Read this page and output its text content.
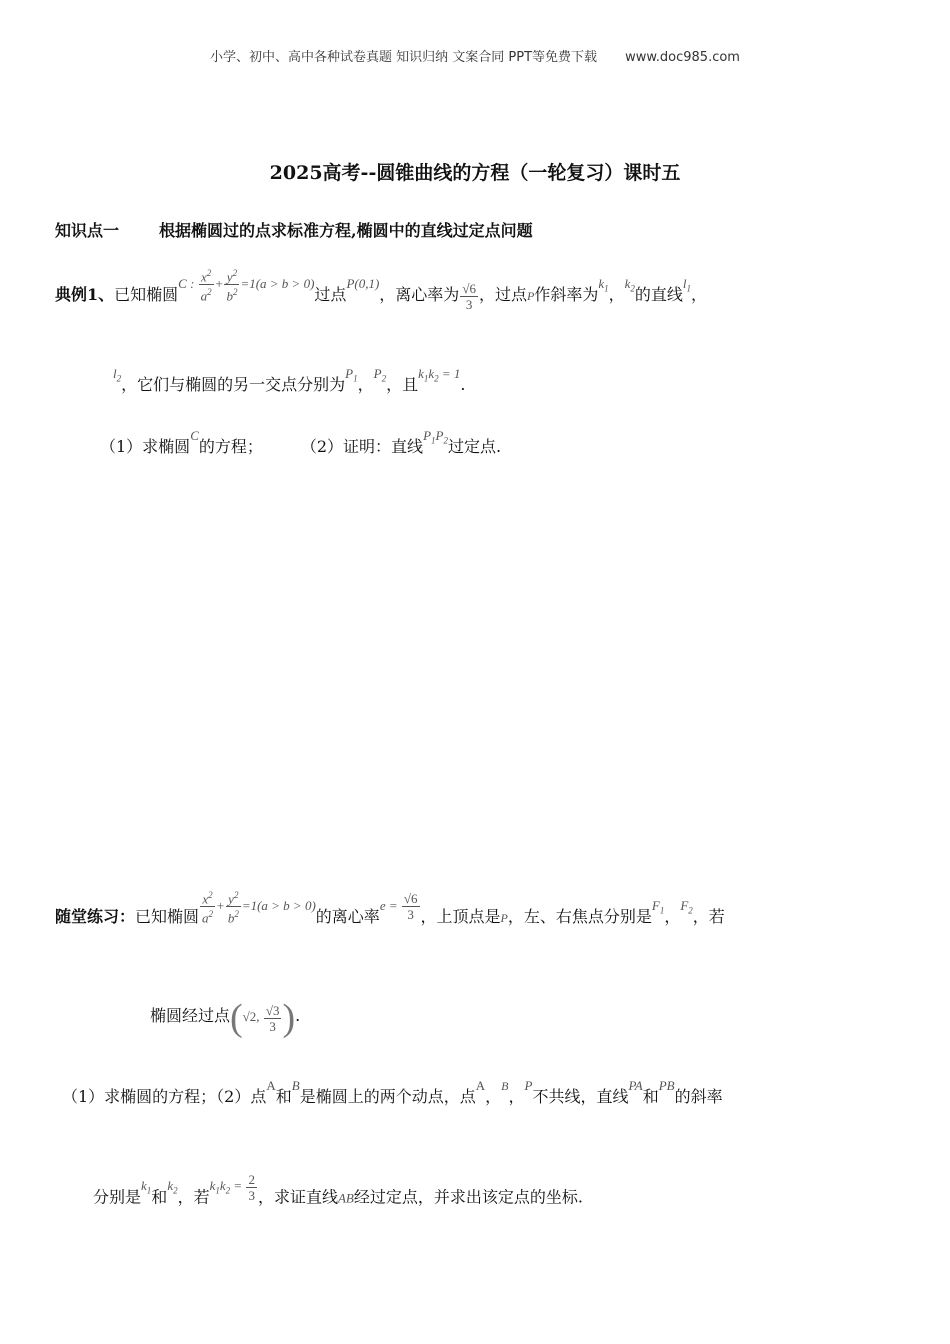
小学、初中、高中各种试卷真题 知识归纳 文案合同 PPT等免费下载 www.doc985.com
2025高考--圆锥曲线的方程（一轮复习）课时五
知识点一	根据椭圆过的点求标准方程,椭圆中的直线过定点问题
典例1、已知椭圆$^{C : \frac{x^2}{a^2} + \frac{y^2}{b^2} =1(a > b > 0)}$过点$^{P(0,1)}$，离心率为 $\frac{√6}{3}$ ，过点P作斜率为$^{k_1}$，$^{k_2}$的直线$^{l_1}$，
$^{l_2}$，它们与椭圆的另一交点分别为$^{P_1}$，$^{P_2}$，且$^{k_1k_2 = 1}$.
（1）求椭圆$^C$的方程； （2）证明：直线$^{P_1P_2}$过定点.
随堂练习：已知椭圆 $^{\frac{x^2}{a^2} + \frac{y^2}{b^2} =1(a > b > 0)}$的离心率$^{e = \frac{√6}{3}}$ ，上顶点是P，左、右焦点分别是$^{F_1}$，$^{F_2}$，若
椭圆经过点(√2, $\frac{√3}{3}$ ).
（1）求椭圆的方程；（2）点$^A$和$^B$是椭圆上的两个动点，点$^A$，$^B$，$^P$不共线，直线$^{PA}$和$^{PB}$的斜率
分别是$^{k_1}$和$^{k_2}$，若$^{k_1k_2 = \frac{2}{3}}$ ，求证直线AB经过定点，并求出该定点的坐标.
